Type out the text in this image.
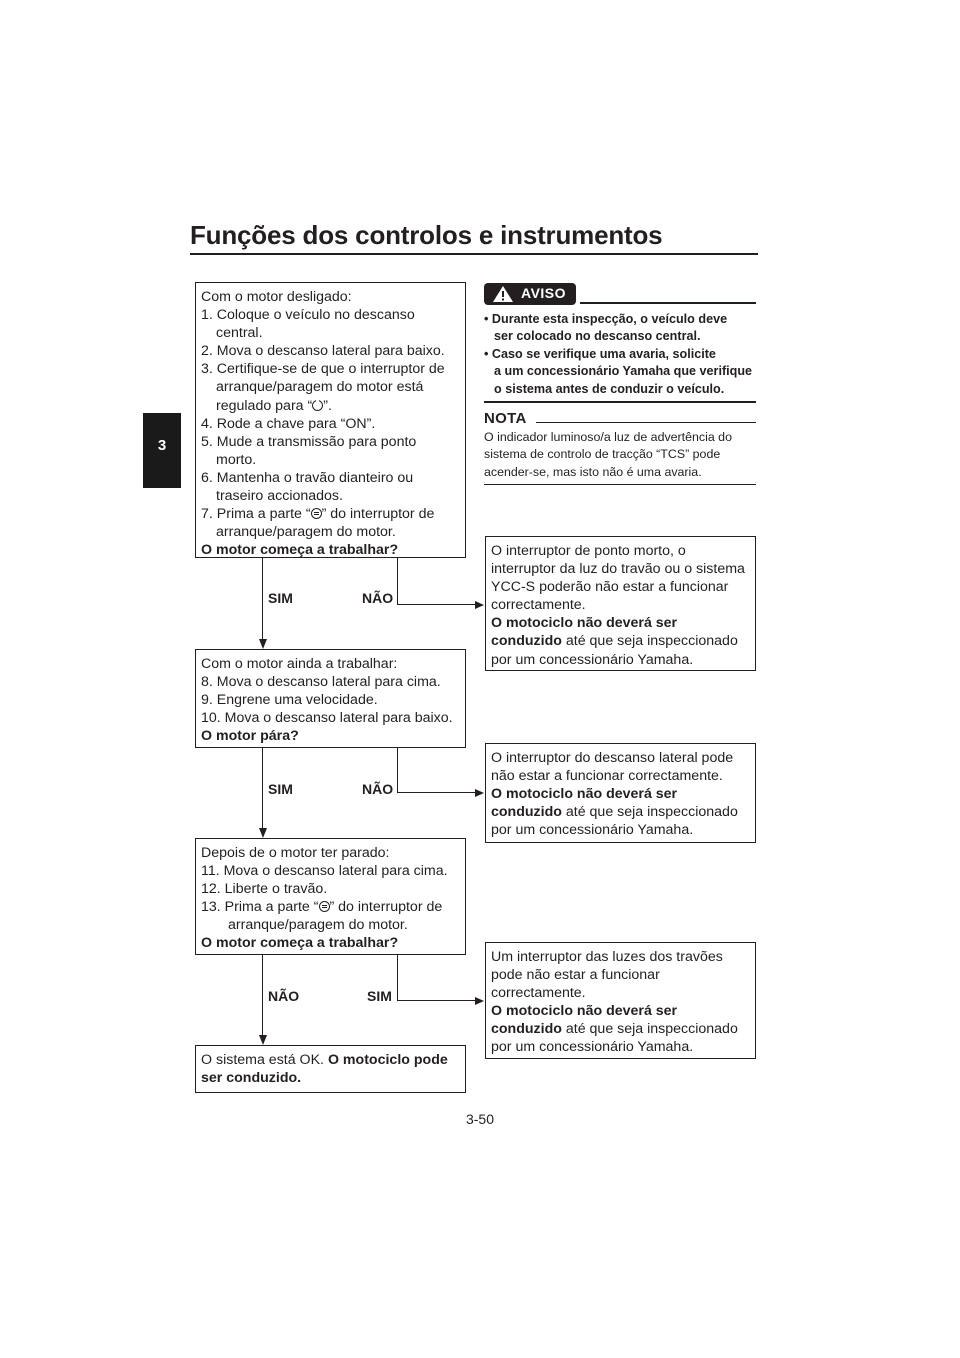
Funções dos controlos e instrumentos
3
Com o motor desligado:
1. Coloque o veículo no descanso
central.
2. Mova o descanso lateral para baixo.
3. Certifique-se de que o interruptor de
arranque/paragem do motor está
regulado para “ ”.
4. Rode a chave para “ON”.
5. Mude a transmissão para ponto
morto.
6. Mantenha o travão dianteiro ou
traseiro accionados.
7. Prima a parte “ ” do interruptor de
arranque/paragem do motor.
O motor começa a trabalhar?
Com o motor ainda a trabalhar:
8. Mova o descanso lateral para cima.
9. Engrene uma velocidade.
10. Mova o descanso lateral para baixo.
O motor pára?
Depois de o motor ter parado:
11. Mova o descanso lateral para cima.
12. Liberte o travão.
13. Prima a parte “ ” do interruptor de
arranque/paragem do motor.
O motor começa a trabalhar?
O sistema está OK. O motociclo pode
ser conduzido.
O interruptor de ponto morto, o
interruptor da luz do travão ou o sistema
YCC-S poderão não estar a funcionar
correctamente.
O motociclo não deverá ser
conduzido até que seja inspeccionado
por um concessionário Yamaha.
O interruptor do descanso lateral pode
não estar a funcionar correctamente.
O motociclo não deverá ser
conduzido até que seja inspeccionado
por um concessionário Yamaha.
Um interruptor das luzes dos travões
pode não estar a funcionar
correctamente.
O motociclo não deverá ser
conduzido até que seja inspeccionado
por um concessionário Yamaha.
SIM	NÃO
SIM	NÃO
NÃO	SIM
AVISO
• Durante esta inspecção, o veículo deve
ser colocado no descanso central.
• Caso se verifique uma avaria, solicite
a um concessionário Yamaha que verifique
o sistema antes de conduzir o veículo.
NOTA
O indicador luminoso/a luz de advertência do
sistema de controlo de tracção “TCS” pode
acender-se, mas isto não é uma avaria.
3-50
